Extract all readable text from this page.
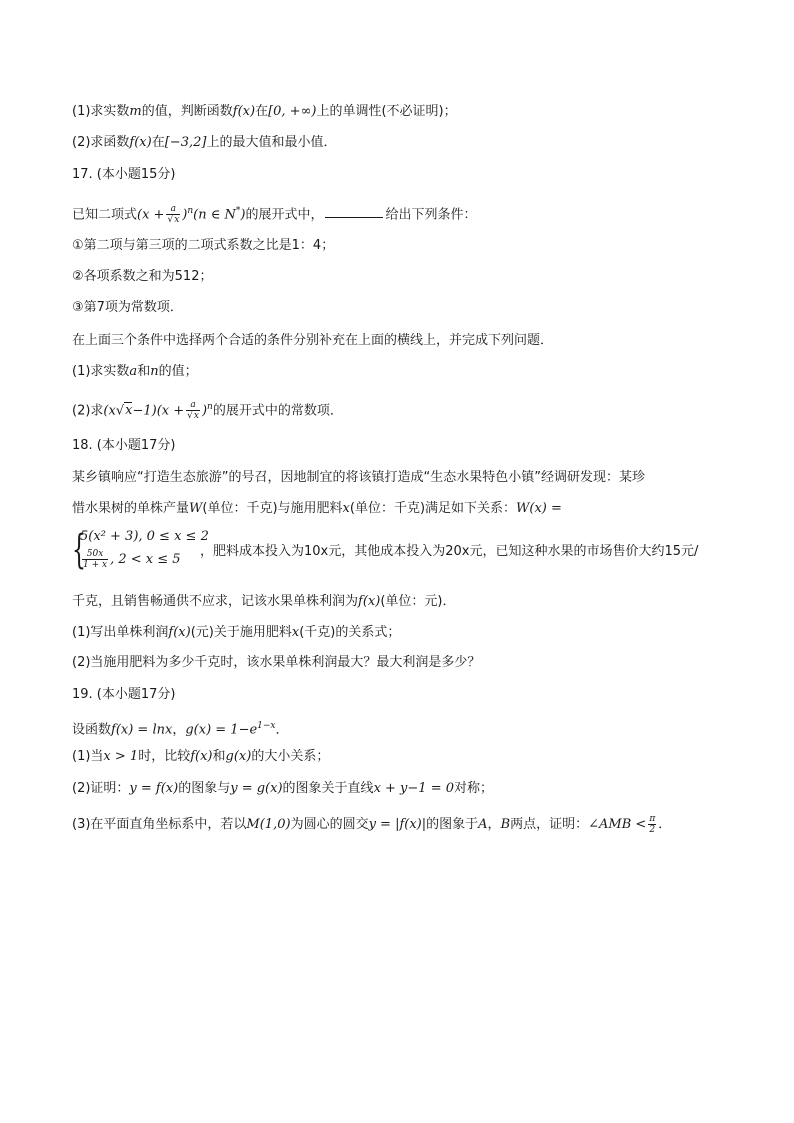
(1)求实数m的值，判断函数f(x)在[0, +∞)上的单调性(不必证明)；
(2)求函数f(x)在[−3,2]上的最大值和最小值．
17. (本小题15分)
已知二项式$(x + \frac{a}{√x} )^n(n$ ∈ N*)的展开式中，	给出下列条件：
①第二项与第三项的二项式系数之比是1：4；
②各项系数之和为512；
③第7项为常数项．
在上面三个条件中选择两个合适的条件分别补充在上面的横线上，并完成下列问题．
(1)求实数a和n的值；
(2)求$(x√x-1)(x + \frac{a}{√x} )^n$的展开式中的常数项．
18. (本小题17分)
某乡镇响应“打造生态旅游”的号召，因地制宜的将该镇打造成“生态水果特色小镇”经调研发现：某珍
惜水果树的单株产量W(单位：千克)与施用肥料x(单位：千克)满足如下关系：W(x) =
{
5(x² + 3), 0 ≤ x ≤ 2
$\frac{50x}{1 + x}$ , 2 < x ≤ 5
，肥料成本投入为10x元，其他成本投入为20x元，已知这种水果的市场售价大约15元/
千克，且销售畅通供不应求，记该水果单株利润为f(x)(单位：元)．
(1)写出单株利润f(x)(元)关于施用肥料x(千克)的关系式；
(2)当施用肥料为多少千克时，该水果单株利润最大？最大利润是多少？
19. (本小题17分)
设函数f(x) = lnx，$g(x) = 1-e^{1-x}$．
(1)当x > 1时，比较f(x)和g(x)的大小关系；
(2)证明：y = f(x)的图象与y = g(x)的图象关于直线x + y−1 = 0对称；
(3)在平面直角坐标系中，若以M(1,0)为圆心的圆交y = |f(x)|的图象于A，B两点，证明：∠AMB < $\frac{\pi}{2}$ ．
